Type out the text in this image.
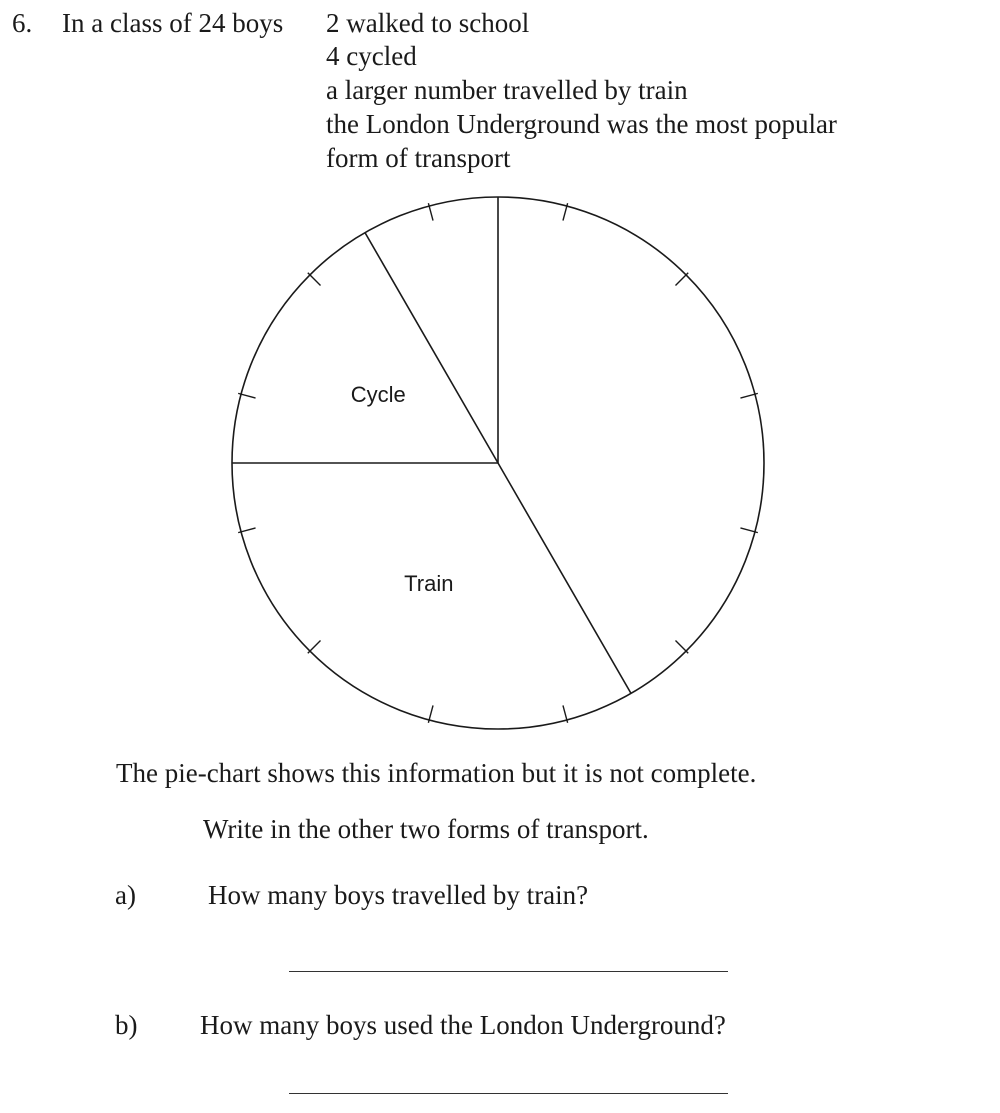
6. In a class of 24 boys 2 walked to school
4 cycled
a larger number travelled by train
the London Underground was the most popular
form of transport
Train
Cycle
The pie-chart shows this information but it is not complete.
Write in the other two forms of transport.
a)	How many boys travelled by train?
b) How many boys used the London Underground?
